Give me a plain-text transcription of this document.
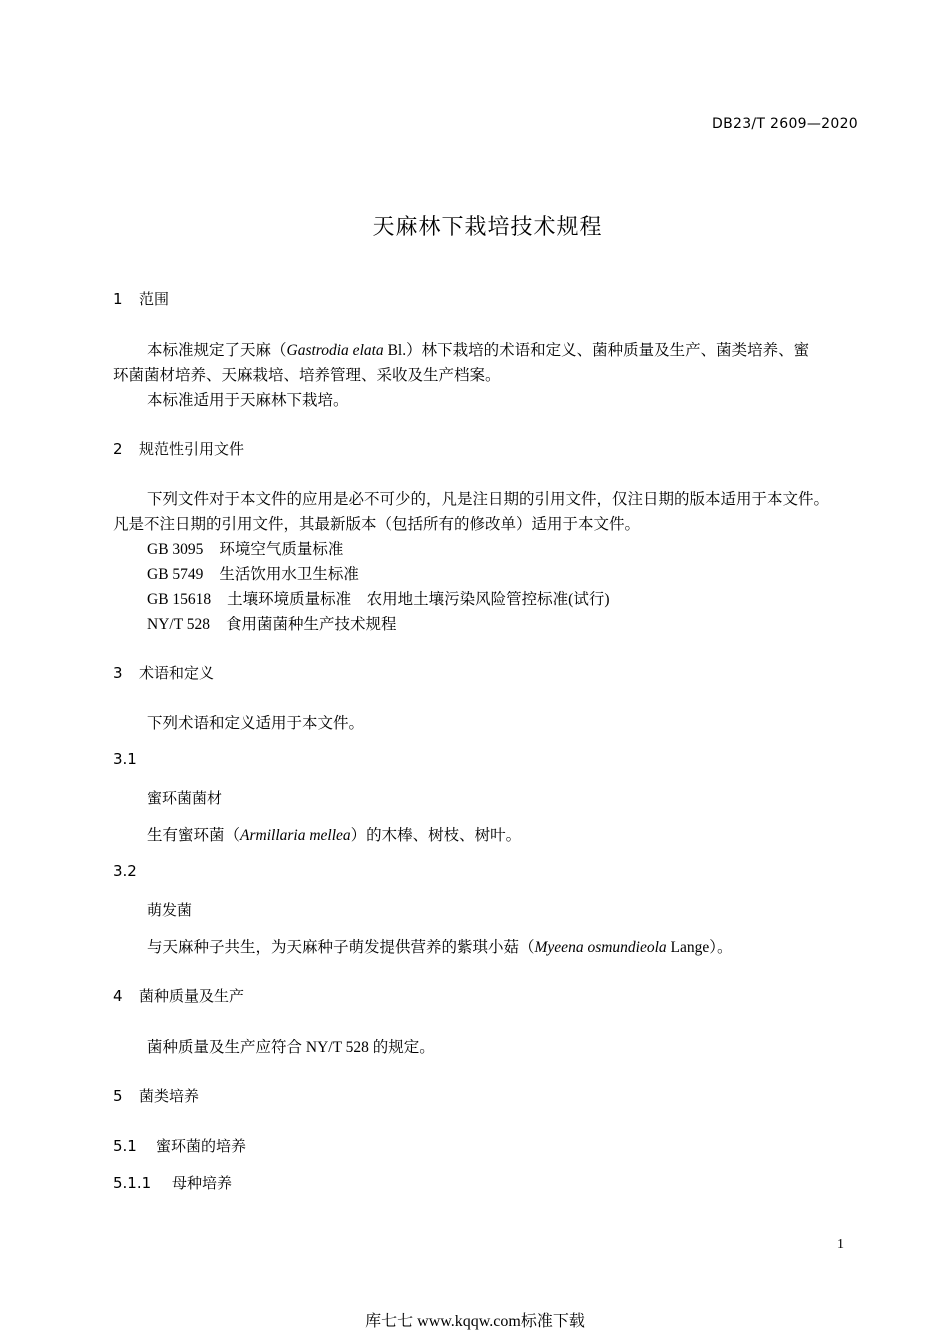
DB23/T 2609—2020
天麻林下栽培技术规程
1 范围
本标准规定了天麻（Gastrodia elata Bl.）林下栽培的术语和定义、菌种质量及生产、菌类培养、蜜
环菌菌材培养、天麻栽培、培养管理、采收及生产档案。
本标准适用于天麻林下栽培。
2 规范性引用文件
下列文件对于本文件的应用是必不可少的，凡是注日期的引用文件，仅注日期的版本适用于本文件。
凡是不注日期的引用文件，其最新版本（包括所有的修改单）适用于本文件。
GB 3095 环境空气质量标准
GB 5749 生活饮用水卫生标准
GB 15618 土壤环境质量标准　农用地土壤污染风险管控标准(试行)
NY/T 528 食用菌菌种生产技术规程
3 术语和定义
下列术语和定义适用于本文件。
3.1
蜜环菌菌材
生有蜜环菌（Armillaria mellea）的木棒、树枝、树叶。
3.2
萌发菌
与天麻种子共生，为天麻种子萌发提供营养的紫琪小菇（Myeena osmundieola Lange）。
4 菌种质量及生产
菌种质量及生产应符合 NY/T 528 的规定。
5 菌类培养
5.1 蜜环菌的培养
5.1.1 母种培养
1
库七七 www.kqqw.com标准下载
